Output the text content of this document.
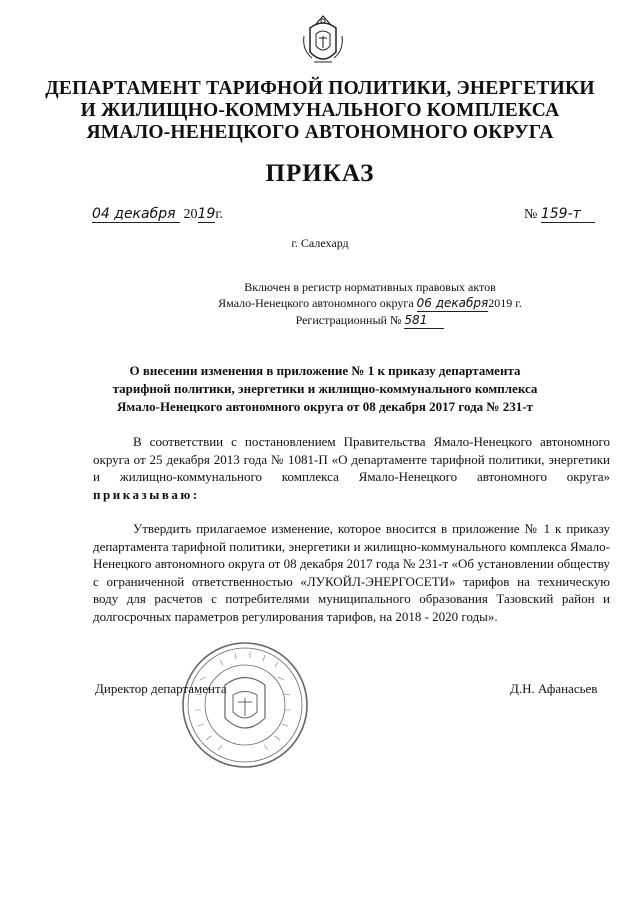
ДЕПАРТАМЕНТ ТАРИФНОЙ ПОЛИТИКИ, ЭНЕРГЕТИКИ
И ЖИЛИЩНО-КОММУНАЛЬНОГО КОМПЛЕКСА
ЯМАЛО-НЕНЕЦКОГО АВТОНОМНОГО ОКРУГА
ПРИКАЗ
04 декабря 2019г.	№ 159-т
г. Салехард
Включен в регистр нормативных правовых актов
Ямало-Ненецкого автономного округа 06 декабря2019 г.
Регистрационный № 581
О внесении изменения в приложение № 1 к приказу департамента
тарифной политики, энергетики и жилищно-коммунального комплекса
Ямало-Ненецкого автономного округа от 08 декабря 2017 года № 231-т
В соответствии с постановлением Правительства Ямало-Ненецкого автономного округа от 25 декабря 2013 года № 1081-П «О департаменте тарифной политики, энергетики и жилищно-коммунального комплекса Ямало-Ненецкого автономного округа» приказываю:
Утвердить прилагаемое изменение, которое вносится в приложение № 1 к приказу департамента тарифной политики, энергетики и жилищно-коммунального комплекса Ямало-Ненецкого автономного округа от 08 декабря 2017 года № 231-т «Об установлении обществу с ограниченной ответственностью «ЛУКОЙЛ-ЭНЕРГОСЕТИ» тарифов на техническую воду для расчетов с потребителями муниципального образования Тазовский район и долгосрочных параметров регулирования тарифов, на 2018 - 2020 годы».
Директор департамента	Д.Н. Афанасьев
